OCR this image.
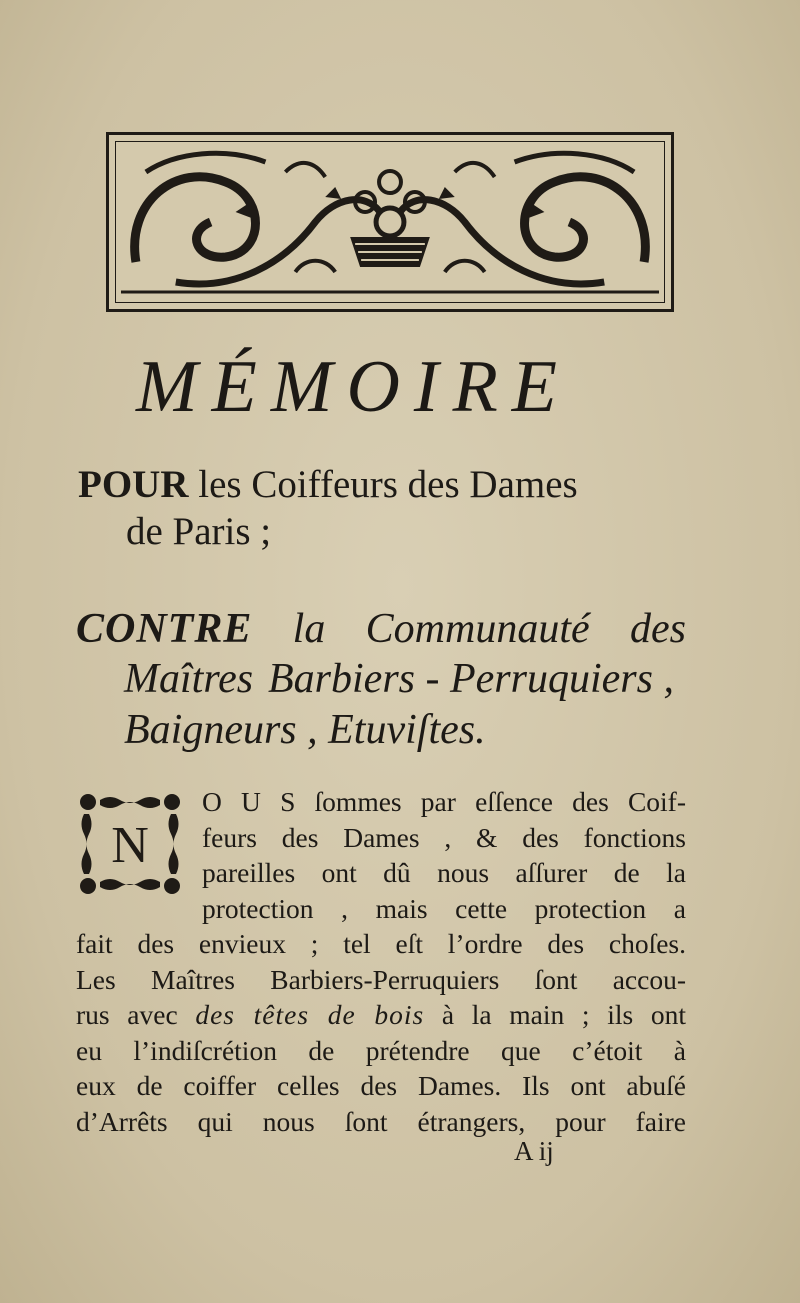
MÉMOIRE
POUR les Coiffeurs des Dames
de Paris ;
CONTRE la Communauté des
Maîtres Barbiers - Perruquiers ,
Baigneurs , Etuviſtes.
N
O U S ſommes par eſſence des Coif-
feurs des Dames , & des fonctions
pareilles ont dû nous aſſurer de la
protection , mais cette protection a
fait des envieux ; tel eſt l’ordre des choſes.
Les Maîtres Barbiers-Perruquiers ſont accou-
rus avec des têtes de bois à la main ; ils ont
eu l’indiſcrétion de prétendre que c’étoit à
eux de coiffer celles des Dames. Ils ont abuſé
d’Arrêts qui nous ſont étrangers, pour faire
A ij
